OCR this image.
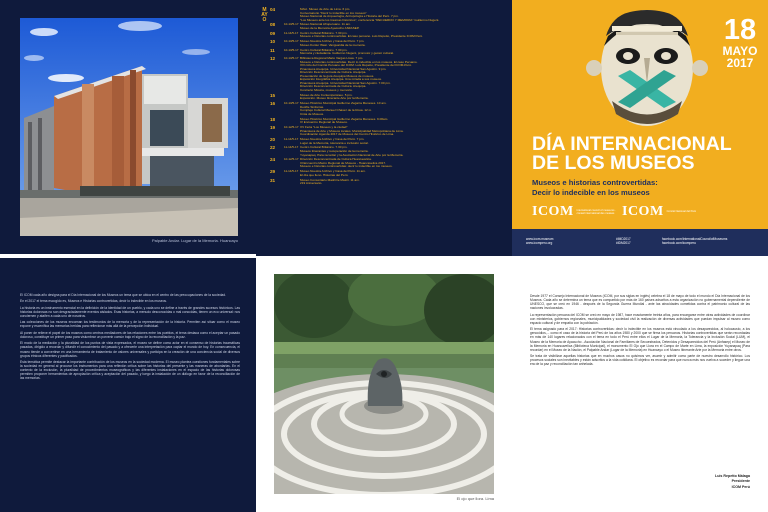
Palpable Andar. Lugar de la Memoria. Huancayo
MAYO
04	MALI. Museo de Arte de Lima. 6 pm.
Conversatorio "Decir lo indecible en los museos"
Museo Nacional de Arqueología, Antropología e Historia del Perú. 7 pm.
"Los Museos ante los traumas históricos", conferencia "RECUERDO Y MEMORIA" Guillermo Nugent.
08	10-13/5-17 Museo Nacional Afroperuano. 11 am.
Museo de la Memoria Ayacucho ANFASEP.
09	11-14/5-17 Centro Cultural Británico. 7.30 pm.
Museos e historias controvertidas. El caso peruano. Luis Repetto, Presidente ICOM Perú.
10	10-13/5-17 Museo Nuestra Archivo y Casa del Perú. 7 pm.
Museo Kuntur Wasi. Vanguardia de la memoria.
11	10-13/5-17 Centro Cultural Británico. 7.30 pm.
Memoria y ciudadanía. Guillermo Nugent, promotor y gestor cultural.
12	10-13/5-17 Biblioteca Regional Mario Vargas Llosa. 7 pm.
Museos e historias controvertidas. Decir lo indecible en los museos. El caso Peruano.
XIII ciclo del Comité Peruano del ICOM. Luis Repetto, Presidente del ICOM-Perú.
Pinacoteca Arequipa. Universidad Nacional San Agustín. 9 pm.
Dirección Desconcentrada de Cultura. Arequipa.
Presentación de la guía Arequipa Museos de museos.
Exposición fotográfica Arequipa. Una mirada a sus museos.
Pinacoteca Arequipa. Universidad Nacional San Agustín. 7.00 pm.
Dirección Desconcentrada de Cultura. Arequipa.
Concierto Música, museos y memoria.
15	Museo de Arte Contemporáneo. 5 pm.
Exposición. Museo Itinerante Arte por la Memoria.
16	10-13/5-17 Museo Histórico Municipal Guillermo Zegarra Meneses. 10 am.
Desfile Sinfonías.
Complejo Cultural Manuel Chávez de la Rosa. 12 m.
Cinta de Museos.
18	Museo Histórico Municipal Guillermo Zegarra Meneses. 9.00am.
IV Encuentro Regional de Museos.
19	10-12/5-17 XV Feria "Los Museos y la ciudad"
Pinacoteca de Arte y Museos locales. Municipalidad Metropolitana de Lima.
Coordinación Agenda 2017 de Museos del Centro Histórico de Lima.
20	11-14/5-17 Museo Nuestra Archivo y Casa del Perú. 7 pm.
Lugar de la Memoria, tolerancia e inclusión social.
22	11-14/5-17 Centro Cultural Británico. 7.30 pm.
Museos itinerantes y recuperación de la memoria.
Yuyanapaq. Para recordar y la Asociación Nacional de Arte por la Memoria.
24	10-12/5-17 Dirección Desconcentrada de Cultura Huancavelica.
III Encuentro Macro Regional de Museos - Huancavelica 2017.
Museos e historias controvertidas: decir lo indecible en los museos.
29	11-14/5-17 Museo Nuestra Archivo y Casa del Perú. 11 am.
El día que lleno. Historias del Perú.
31	Museo Comunitario Mashiríe Masiri. 11 am.
219 Aniversario.
18
MAYO
2017
DÍA INTERNACIONAL
DE LOS MUSEOS
Museos e historias controvertidas:
Decir lo indecible en los museos
ICOM international council of museums · conseil international des musées ICOM Comité Nacional del Perú
www.icom.museum
www.icomperu.org
#IMD2017
#IDM2017
facebook.com/InternationalCouncilofMuseums
facebook.com/icomperu

El ICOM cada año designa para el Día Internacional de los Museos un tema que se ubica en el centro de las preocupaciones de la sociedad.

En el 2017 el tema escogido es, Museos e Historias controvertidas, decir lo indecible en los museos.

La historia es un instrumento esencial en la definición de la identidad de un pueblo, y cada uno se define a través de grandes sucesos históricos. Las historias dolorosas no son desgraciadamente eventos aislados. Esas historias, a menudo desconocidas o mal conocidas, tienen un eco universal: nos conciernen y atañen a cada uno de nosotros.

Las colecciones de los museos encarnan los testimonios de la memoria y de la representación de la historia. Permiten así situar como el museo expone y escenifica las memorias heridas para reflexionar más allá de la percepción individual.

Al poner de relieve el papel de los museos como centros mediadores de las relaciones entre los pueblos, el tema destaca como el aceptar un pasado doloroso, constituye un primer paso para vislumbrar un porvenir común bajo el signo de la reconciliación y la paz.

El modo de la mediación y la pluralidad de los puntos de vista expresados, el museo se define como actor en el consenso de historias traumáticas pasadas, dirigido a recordar y difundir el conocimiento del pasado y a ofrecerle una interpretación para captar el mundo de hoy. En consecuencia, el museo tiende a convertirse en una herramienta de tratamiento de valores universales y participa en la creación de una conciencia social de diversos grupos étnicos diferentes y pacificados.

Esta temática permite destacar la importante contribución de los museos en la sociedad moderna. El museo plantea cuestiones fundamentales sobre la sociedad en general al procurar los instrumentos para una reflexión crítica sobre las historias del presente y las maneras de abordarlas. En el contexto de la exclusión, la pluralidad de procedimientos museográficos y las diferentes instalaciones en el espacio de las historias dolorosas permiten proponer herramientas de apropiación crítica y aceptación del pasado, y luego la instalación de un diálogo en favor de la reconciliación de las memorias.

El ojo que llora. Lima

Desde 1977 el Consejo Internacional de Museos (ICOM, por sus siglas en inglés) celebra el 18 de mayo de todo el mundo el Día Internacional de los Museos. Cada año se determina un tema que es compartido por más de 160 países adscritos a esta organización no gubernamental dependiente de UNESCO, que se creó en 1946 - después de la Segunda Guerra Mundial - ante las atrocidades cometidas contra el patrimonio cultural de las naciones involucradas.

La representación peruana del ICOM se creó en mayo de 1987, hace exactamente treinta años, para encargarse entre otras actividades de coordinar con ministerios, gobiernos regionales, municipalidades y sociedad civil la realización de diversas actividades que puedan impulsar al museo como espacio cultural y de empatía con la población.

El tema asignado para el 2017: Historias controvertidas: decir lo indecible en los museos está vinculado a los desaparecidos, al holocausto, a los genocidios,... como el caso de la historia del Perú de los años 1980 y 2000 que se firma los peruanos. Historias controvertidas que serán recordadas en más de 140 lugares relacionados con el tema en todo el Perú entre ellos el Lugar de la Memoria, la Tolerancia y la Inclusión Social (LUM), el Museo de la Memoria de Ayacucho - Asociación Nacional de Familiares de Secuestrados, Detenidos y Desaparecidos del Perú (Anfasep) el Museo de la Memoria en Huancavelica (Biblioteca Municipal), el monumento El Ojo que Llora en el Campo de Marte en Lima, la exposición Yuyanapaq (Para recordar) en el Museo de la Nación, el Palpable Andar (Lugar de la Memoria) en Huancayo o el Museo Itinerante Arte por la Memoria entre otros.

Se trata de visibilizar aquellas historias que en muchos casos no quisimos ver, asumir y admitir como parte de nuestro desarrollo histórico. Los procesos sociales son inevitables y están adscritos a la vida cotidiana. El objetivo es recordar para que nunca más nos vuelva a suceder y llegue una era de la paz y reconciliación tan anhelada.

Luis Repetto Málaga
Presidente
ICOM Perú
